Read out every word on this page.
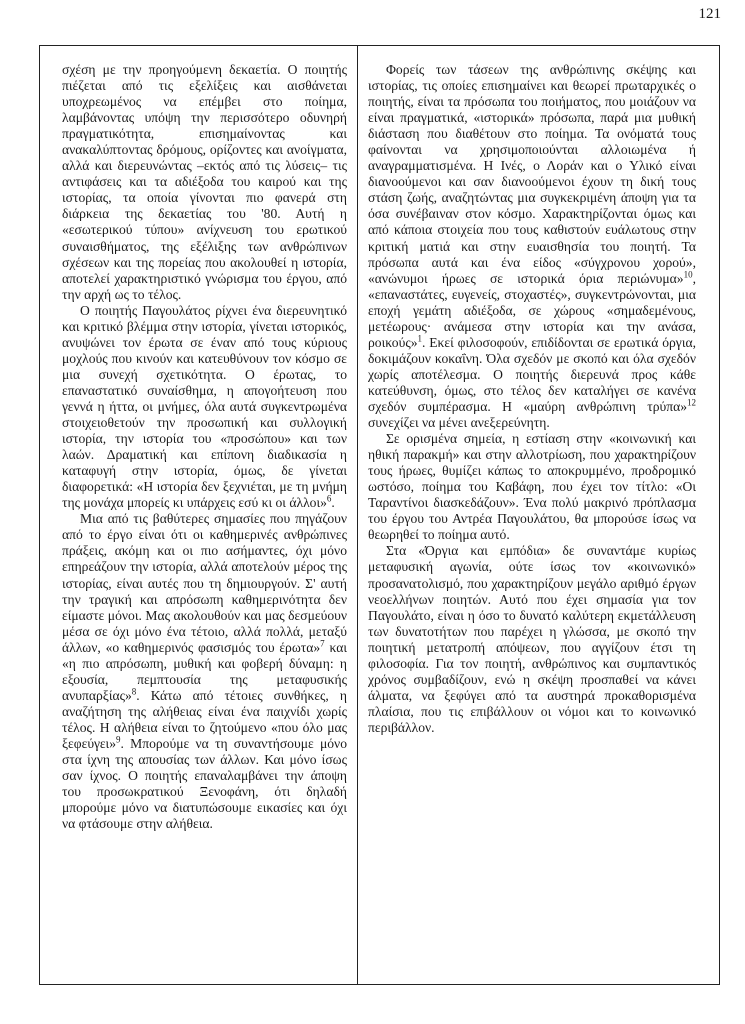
121

σχέση με την προηγούμενη δεκαετία. Ο ποιητής πιέζεται από τις εξελίξεις και αισθάνεται υποχρεωμένος να επέμβει στο ποίημα, λαμβάνοντας υπόψη την περισσότερο οδυνηρή πραγματικότητα, επισημαίνοντας και ανακαλύπτοντας δρόμους, ορίζοντες και ανοίγματα, αλλά και διερευνώντας –εκτός από τις λύσεις– τις αντιφάσεις και τα αδιέξοδα του καιρού και της ιστορίας, τα οποία γίνονται πιο φανερά στη διάρκεια της δεκαετίας του '80. Αυτή η «εσωτερικού τύπου» ανίχνευση του ερωτικού συναισθήματος, της εξέλιξης των ανθρώπινων σχέσεων και της πορείας που ακολουθεί η ιστορία, αποτελεί χαρακτηριστικό γνώρισμα του έργου, από την αρχή ως το τέλος.

Ο ποιητής Παγουλάτος ρίχνει ένα διερευνητικό και κριτικό βλέμμα στην ιστορία, γίνεται ιστορικός, ανυψώνει τον έρωτα σε έναν από τους κύριους μοχλούς που κινούν και κατευθύνουν τον κόσμο σε μια συνεχή σχετικότητα. Ο έρωτας, το επαναστατικό συναίσθημα, η απογοήτευση που γεννά η ήττα, οι μνήμες, όλα αυτά συγκεντρωμένα στοιχειοθετούν την προσωπική και συλλογική ιστορία, την ιστορία του «προσώπου» και των λαών. Δραματική και επίπονη διαδικασία η καταφυγή στην ιστορία, όμως, δε γίνεται διαφορετικά: «Η ιστορία δεν ξεχνιέται, με τη μνήμη της μονάχα μπορείς κι υπάρχεις εσύ κι οι άλλοι»$^6$.

Μια από τις βαθύτερες σημασίες που πηγάζουν από το έργο είναι ότι οι καθημερινές ανθρώπινες πράξεις, ακόμη και οι πιο ασήμαντες, όχι μόνο επηρεάζουν την ιστορία, αλλά αποτελούν μέρος της ιστορίας, είναι αυτές που τη δημιουργούν. Σ' αυτή την τραγική και απρόσωπη καθημερινότητα δεν είμαστε μόνοι. Μας ακολουθούν και μας δεσμεύουν μέσα σε όχι μόνο ένα τέτοιο, αλλά πολλά, μεταξύ άλλων, «ο καθημερινός φασισμός του έρωτα»$^7$ και «η πιο απρόσωπη, μυθική και φοβερή δύναμη: η εξουσία, πεμπτουσία της μεταφυσικής ανυπαρξίας»$^8$. Κάτω από τέτοιες συνθήκες, η αναζήτηση της αλήθειας είναι ένα παιχνίδι χωρίς τέλος. Η αλήθεια είναι το ζητούμενο «που όλο μας ξεφεύγει»$^9$. Μπορούμε να τη συναντήσουμε μόνο στα ίχνη της απουσίας των άλλων. Και μόνο ίσως σαν ίχνος. Ο ποιητής επαναλαμβάνει την άποψη του προσωκρατικού Ξενοφάνη, ότι δηλαδή μπορούμε μόνο να διατυπώσουμε εικασίες και όχι να φτάσουμε στην αλήθεια.

Φορείς των τάσεων της ανθρώπινης σκέψης και ιστορίας, τις οποίες επισημαίνει και θεωρεί πρωταρχικές ο ποιητής, είναι τα πρόσωπα του ποιήματος, που μοιάζουν να είναι πραγματικά, «ιστορικά» πρόσωπα, παρά μια μυθική διάσταση που διαθέτουν στο ποίημα. Τα ονόματά τους φαίνονται να χρησιμοποιούνται αλλοιωμένα ή αναγραμματισμένα. Η Ινές, ο Λοράν και ο Υλικό είναι διανοούμενοι και σαν διανοούμενοι έχουν τη δική τους στάση ζωής, αναζητώντας μια συγκεκριμένη άποψη για τα όσα συνέβαιναν στον κόσμο. Χαρακτηρίζονται όμως και από κάποια στοιχεία που τους καθιστούν ευάλωτους στην κριτική ματιά και στην ευαισθησία του ποιητή. Τα πρόσωπα αυτά και ένα είδος «σύγχρονου χορού», «ανώνυμοι ήρωες σε ιστορικά όρια περιώνυμα»$^{10}$, «επαναστάτες, ευγενείς, στοχαστές», συγκεντρώνονται, μια εποχή γεμάτη αδιέξοδα, σε χώρους «σημαδεμένους, μετέωρους· ανάμεσα στην ιστορία και την ανάσα, ροικούς»$^1$. Εκεί φιλοσοφούν, επιδίδονται σε ερωτικά όργια, δοκιμάζουν κοκαΐνη. Όλα σχεδόν με σκοπό και όλα σχεδόν χωρίς αποτέλεσμα. Ο ποιητής διερευνά προς κάθε κατεύθυνση, όμως, στο τέλος δεν καταλήγει σε κανένα σχεδόν συμπέρασμα. Η «μαύρη ανθρώπινη τρύπα»$^{12}$ συνεχίζει να μένει ανεξερεύνητη.

Σε ορισμένα σημεία, η εστίαση στην «κοινωνική και ηθική παρακμή» και στην αλλοτρίωση, που χαρακτηρίζουν τους ήρωες, θυμίζει κάπως το αποκρυμμένο, προδρομικό ωστόσο, ποίημα του Καβάφη, που έχει τον τίτλο: «Οι Ταραντίνοι διασκεδάζουν». Ένα πολύ μακρινό πρόπλασμα του έργου του Αντρέα Παγουλάτου, θα μπορούσε ίσως να θεωρηθεί το ποίημα αυτό.

Στα «Όργια και εμπόδια» δε συναντάμε κυρίως μεταφυσική αγωνία, ούτε ίσως τον «κοινωνικό» προσανατολισμό, που χαρακτηρίζουν μεγάλο αριθμό έργων νεοελλήνων ποιητών. Αυτό που έχει σημασία για τον Παγουλάτο, είναι η όσο το δυνατό καλύτερη εκμετάλλευση των δυνατοτήτων που παρέχει η γλώσσα, με σκοπό την ποιητική μετατροπή απόψεων, που αγγίζουν έτσι τη φιλοσοφία. Για τον ποιητή, ανθρώπινος και συμπαντικός χρόνος συμβαδίζουν, ενώ η σκέψη προσπαθεί να κάνει άλματα, να ξεφύγει από τα αυστηρά προκαθορισμένα πλαίσια, που τις επιβάλλουν οι νόμοι και το κοινωνικό περιβάλλον.
